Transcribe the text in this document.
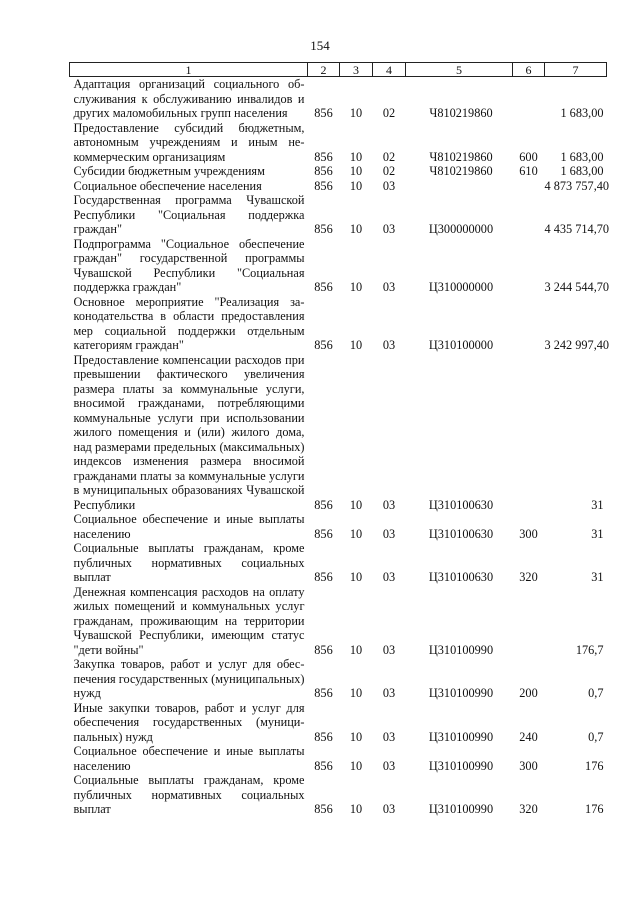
154
1	2	3	4	5	6	7
Адаптация организаций социального обслуживания к обслуживанию инвалидов и других маломобильных групп населения	856	10	02	Ч810219860		1 683,00
Предоставление субсидий бюджетным, автономным учреждениям и иным некоммерческим организациям	856	10	02	Ч810219860	600	1 683,00
Субсидии бюджетным учреждениям	856	10	02	Ч810219860	610	1 683,00
Социальное обеспечение населения	856	10	03			4 873 757,40
Государственная программа Чувашской Республики "Социальная поддержка граждан"	856	10	03	Ц300000000		4 435 714,70
Подпрограмма "Социальное обеспечение граждан" государственной программы Чувашской Республики "Социальная поддержка граждан"	856	10	03	Ц310000000		3 244 544,70
Основное мероприятие "Реализация законодательства в области предоставления мер социальной поддержки отдельным категориям граждан"	856	10	03	Ц310100000		3 242 997,40
Предоставление компенсации расходов при превышении фактического увеличения размера платы за коммунальные услуги, вносимой гражданами, потребляющими коммунальные услуги при использовании жилого помещения и (или) жилого дома, над размерами предельных (максимальных) индексов изменения размера вносимой гражданами платы за коммунальные услуги в муниципальных образованиях Чувашской Республики	856	10	03	Ц310100630		31
Социальное обеспечение и иные выплаты населению	856	10	03	Ц310100630	300	31
Социальные выплаты гражданам, кроме публичных нормативных социальных выплат	856	10	03	Ц310100630	320	31
Денежная компенсация расходов на оплату жилых помещений и коммунальных услуг гражданам, проживающим на территории Чувашской Республики, имеющим статус "дети войны"	856	10	03	Ц310100990		176,7
Закупка товаров, работ и услуг для обеспечения государственных (муниципальных) нужд	856	10	03	Ц310100990	200	0,7
Иные закупки товаров, работ и услуг для обеспечения государственных (муниципальных) нужд	856	10	03	Ц310100990	240	0,7
Социальное обеспечение и иные выплаты населению	856	10	03	Ц310100990	300	176
Социальные выплаты гражданам, кроме публичных нормативных социальных выплат	856	10	03	Ц310100990	320	176
